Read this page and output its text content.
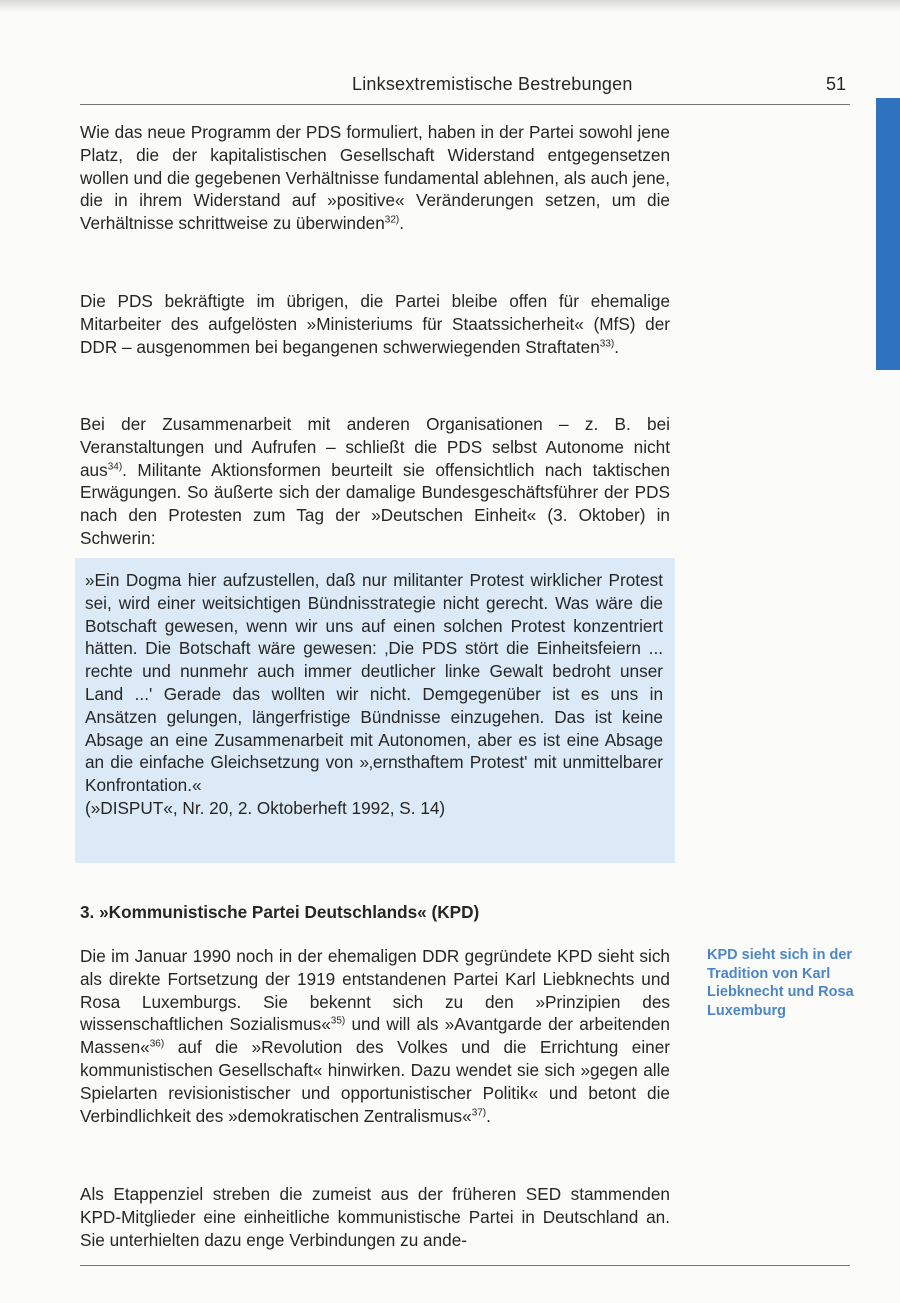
Linksextremistische Bestrebungen	51

Wie das neue Programm der PDS formuliert, haben in der Partei sowohl jene Platz, die der kapitalistischen Gesellschaft Widerstand entgegensetzen wollen und die gegebenen Verhältnisse fundamental ablehnen, als auch jene, die in ihrem Widerstand auf »positive« Veränderungen setzen, um die Verhältnisse schrittweise zu überwinden$^{32)}$.

Die PDS bekräftigte im übrigen, die Partei bleibe offen für ehemalige Mitarbeiter des aufgelösten »Ministeriums für Staatssicherheit« (MfS) der DDR – ausgenommen bei begangenen schwerwiegenden Straftaten$^{33)}$.

Bei der Zusammenarbeit mit anderen Organisationen – z. B. bei Veranstaltungen und Aufrufen – schließt die PDS selbst Autonome nicht aus$^{34)}$. Militante Aktionsformen beurteilt sie offensichtlich nach taktischen Erwägungen. So äußerte sich der damalige Bundesgeschäftsführer der PDS nach den Protesten zum Tag der »Deutschen Einheit« (3. Oktober) in Schwerin:

»Ein Dogma hier aufzustellen, daß nur militanter Protest wirklicher Protest sei, wird einer weitsichtigen Bündnisstrategie nicht gerecht. Was wäre die Botschaft gewesen, wenn wir uns auf einen solchen Protest konzentriert hätten. Die Botschaft wäre gewesen: ‚Die PDS stört die Einheitsfeiern ... rechte und nunmehr auch immer deutlicher linke Gewalt bedroht unser Land ...' Gerade das wollten wir nicht. Demgegenüber ist es uns in Ansätzen gelungen, längerfristige Bündnisse einzugehen. Das ist keine Absage an eine Zusammenarbeit mit Autonomen, aber es ist eine Absage an die einfache Gleichsetzung von »‚ernsthaftem Protest' mit unmittelbarer Konfrontation.«
(»DISPUT«, Nr. 20, 2. Oktoberheft 1992, S. 14)

3. »Kommunistische Partei Deutschlands« (KPD)

Die im Januar 1990 noch in der ehemaligen DDR gegründete KPD sieht sich als direkte Fortsetzung der 1919 entstandenen Partei Karl Liebknechts und Rosa Luxemburgs. Sie bekennt sich zu den »Prinzipien des wissenschaftlichen Sozialismus«$^{35)}$ und will als »Avantgarde der arbeitenden Massen«$^{36)}$ auf die »Revolution des Volkes und die Errichtung einer kommunistischen Gesellschaft« hinwirken. Dazu wendet sie sich »gegen alle Spielarten revisionistischer und opportunistischer Politik« und betont die Verbindlichkeit des »demokratischen Zentralismus«$^{37)}$.

KPD sieht sich in der Tradition von Karl Liebknecht und Rosa Luxemburg

Als Etappenziel streben die zumeist aus der früheren SED stammenden KPD-Mitglieder eine einheitliche kommunistische Partei in Deutschland an. Sie unterhielten dazu enge Verbindungen zu ande-
